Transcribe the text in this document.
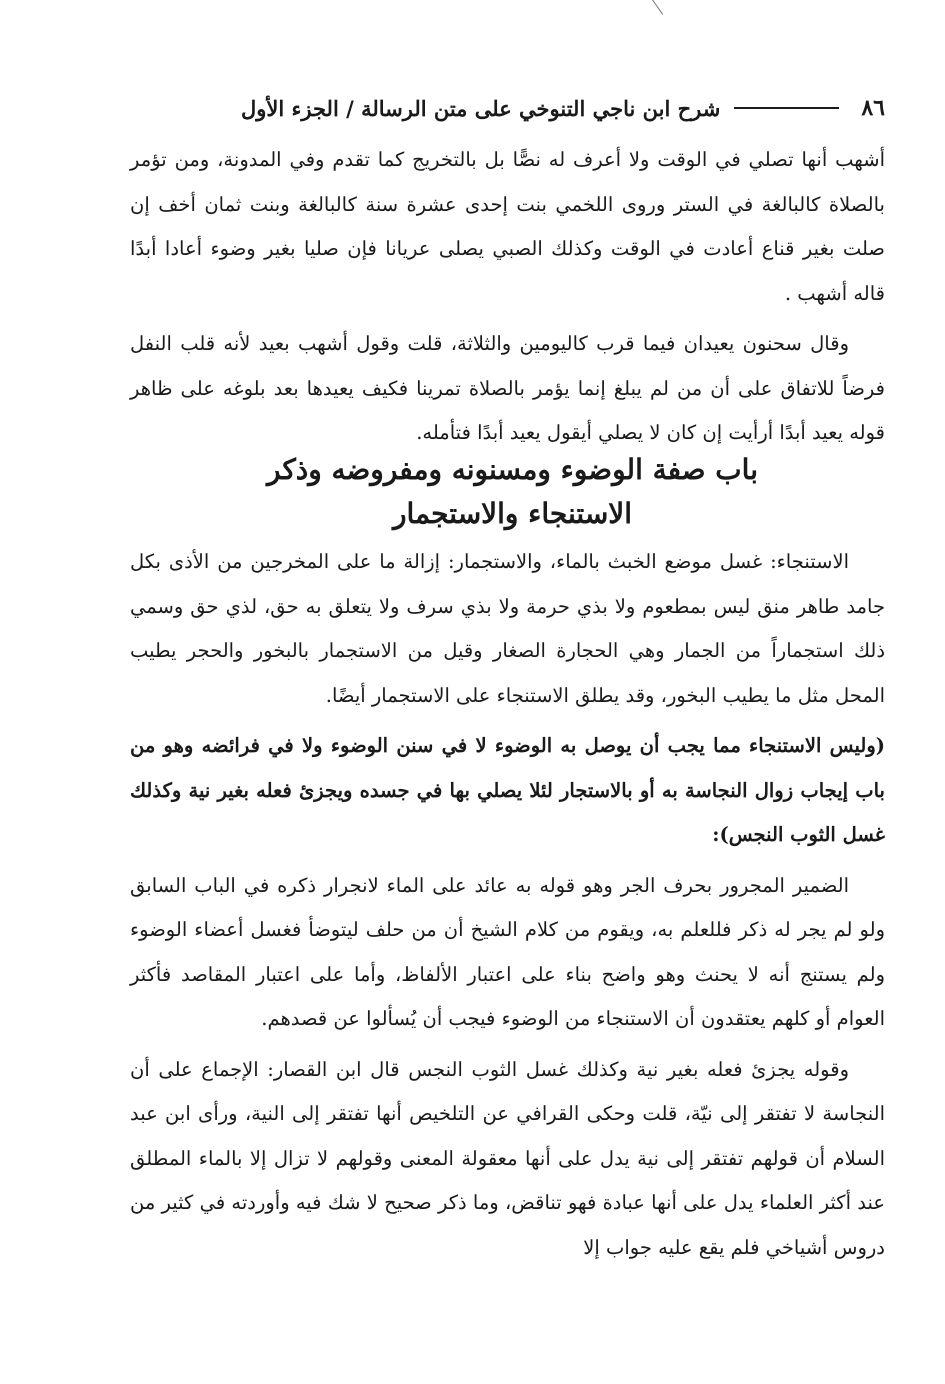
٨٦
شرح ابن ناجي التنوخي على متن الرسالة / الجزء الأول

أشهب أنها تصلي في الوقت ولا أعرف له نصًّا بل بالتخريج كما تقدم وفي المدونة، ومن تؤمر بالصلاة كالبالغة في الستر وروى اللخمي بنت إحدى عشرة سنة كالبالغة وبنت ثمان أخف إن صلت بغير قناع أعادت في الوقت وكذلك الصبي يصلى عريانا فإن صليا بغير وضوء أعادا أبدًا قاله أشهب .

وقال سحنون يعيدان فيما قرب كاليومين والثلاثة، قلت وقول أشهب بعيد لأنه قلب النفل فرضاً للاتفاق على أن من لم يبلغ إنما يؤمر بالصلاة تمرينا فكيف يعيدها بعد بلوغه على ظاهر قوله يعيد أبدًا أرأيت إن كان لا يصلي أيقول يعيد أبدًا فتأمله.

باب صفة الوضوء ومسنونه ومفروضه وذكر
الاستنجاء والاستجمار

الاستنجاء: غسل موضع الخبث بالماء، والاستجمار: إزالة ما على المخرجين من الأذى بكل جامد طاهر منق ليس بمطعوم ولا بذي حرمة ولا بذي سرف ولا يتعلق به حق، لذي حق وسمي ذلك استجماراً من الجمار وهي الحجارة الصغار وقيل من الاستجمار بالبخور والحجر يطيب المحل مثل ما يطيب البخور، وقد يطلق الاستنجاء على الاستجمار أيضًا.

(وليس الاستنجاء مما يجب أن يوصل به الوضوء لا في سنن الوضوء ولا في فرائضه وهو من باب إيجاب زوال النجاسة به أو بالاستجار لئلا يصلي بها في جسده ويجزئ فعله بغير نية وكذلك غسل الثوب النجس):

الضمير المجرور بحرف الجر وهو قوله به عائد على الماء لانجرار ذكره في الباب السابق ولو لم يجر له ذكر فللعلم به، ويقوم من كلام الشيخ أن من حلف ليتوضأ فغسل أعضاء الوضوء ولم يستنج أنه لا يحنث وهو واضح بناء على اعتبار الألفاظ، وأما على اعتبار المقاصد فأكثر العوام أو كلهم يعتقدون أن الاستنجاء من الوضوء فيجب أن يُسألوا عن قصدهم.

وقوله يجزئ فعله بغير نية وكذلك غسل الثوب النجس قال ابن القصار: الإجماع على أن النجاسة لا تفتقر إلى نيّة، قلت وحكى القرافي عن التلخيص أنها تفتقر إلى النية، ورأى ابن عبد السلام أن قولهم تفتقر إلى نية يدل على أنها معقولة المعنى وقولهم لا تزال إلا بالماء المطلق عند أكثر العلماء يدل على أنها عبادة فهو تناقض، وما ذكر صحيح لا شك فيه وأوردته في كثير من دروس أشياخي فلم يقع عليه جواب إلا
